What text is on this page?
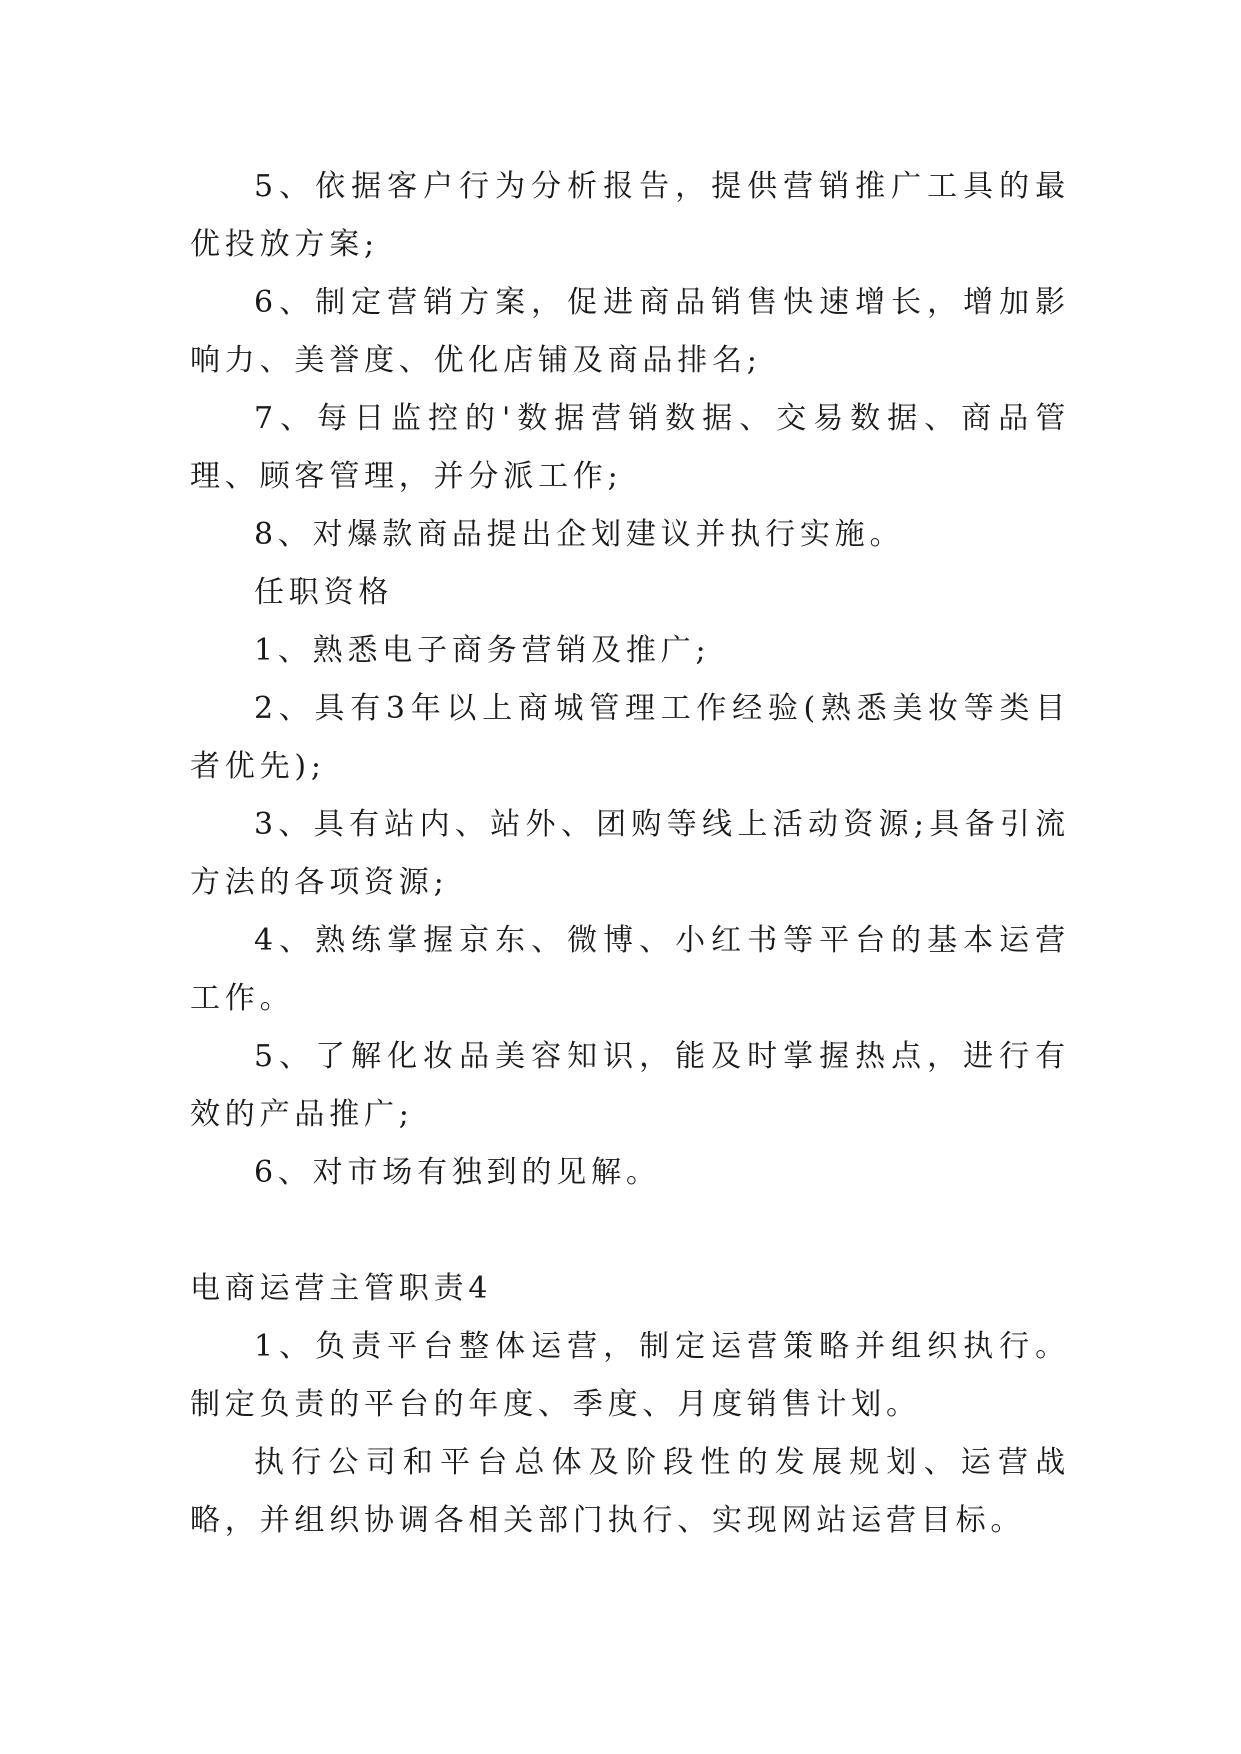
5、依据客户行为分析报告，提供营销推广工具的最优投放方案;

6、制定营销方案，促进商品销售快速增长，增加影响力、美誉度、优化店铺及商品排名;

7、每日监控的'数据营销数据、交易数据、商品管理、顾客管理，并分派工作;

8、对爆款商品提出企划建议并执行实施。

任职资格

1、熟悉电子商务营销及推广;

2、具有3年以上商城管理工作经验(熟悉美妆等类目者优先);

3、具有站内、站外、团购等线上活动资源;具备引流方法的各项资源;

4、熟练掌握京东、微博、小红书等平台的基本运营工作。

5、了解化妆品美容知识，能及时掌握热点，进行有效的产品推广;

6、对市场有独到的见解。

电商运营主管职责4

1、负责平台整体运营，制定运营策略并组织执行。制定负责的平台的年度、季度、月度销售计划。

执行公司和平台总体及阶段性的发展规划、运营战略，并组织协调各相关部门执行、实现网站运营目标。
